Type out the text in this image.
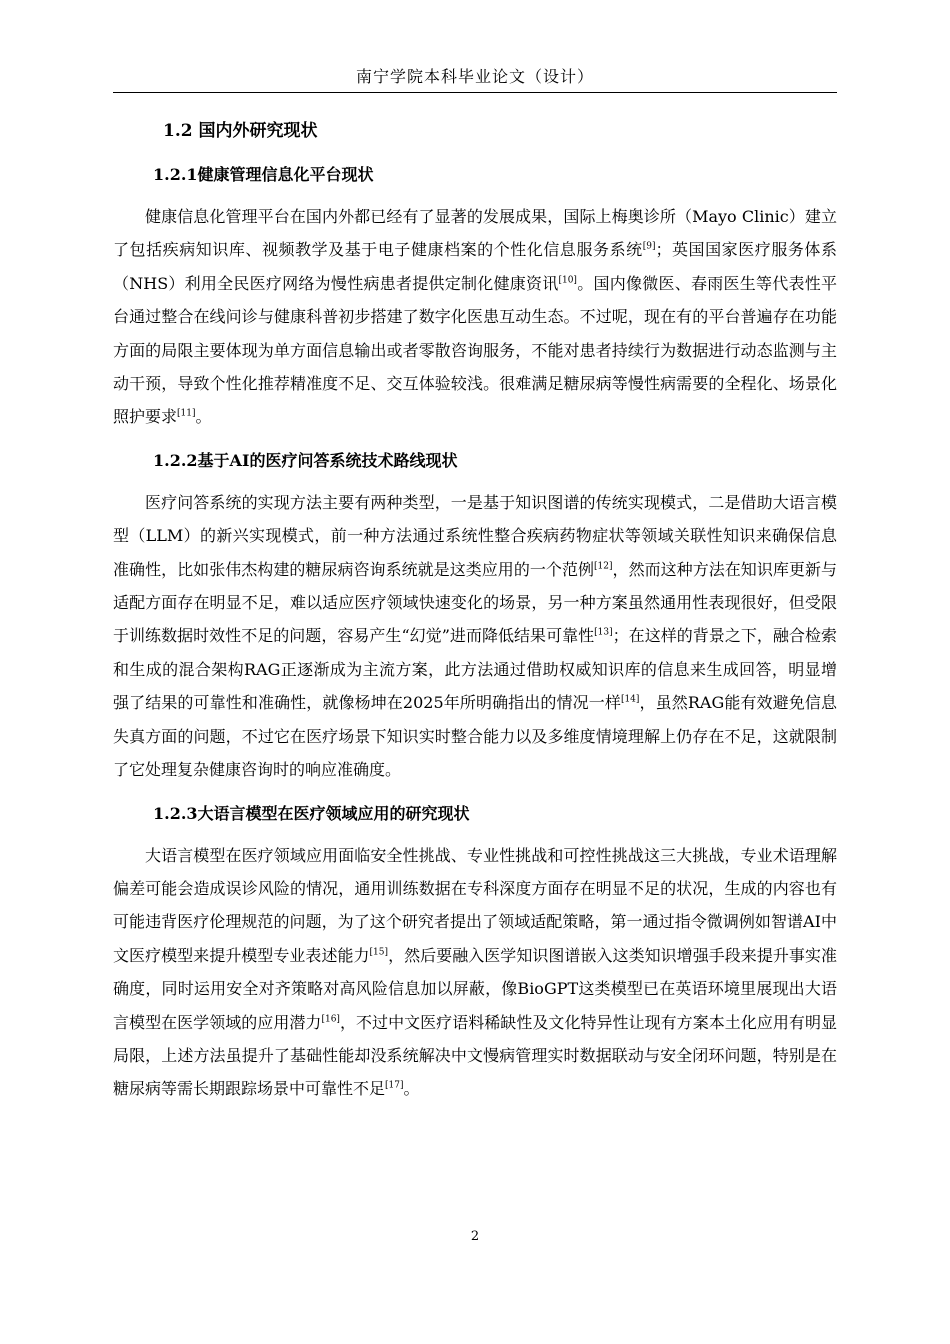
南宁学院本科毕业论文（设计）
1.2 国内外研究现状
1.2.1健康管理信息化平台现状

健康信息化管理平台在国内外都已经有了显著的发展成果，国际上梅奥诊所（Mayo Clinic）建立了包括疾病知识库、视频教学及基于电子健康档案的个性化信息服务系统[9]；英国国家医疗服务体系（NHS）利用全民医疗网络为慢性病患者提供定制化健康资讯[10]。国内像微医、春雨医生等代表性平台通过整合在线问诊与健康科普初步搭建了数字化医患互动生态。不过呢，现在有的平台普遍存在功能方面的局限主要体现为单方面信息输出或者零散咨询服务，不能对患者持续行为数据进行动态监测与主动干预，导致个性化推荐精准度不足、交互体验较浅。很难满足糖尿病等慢性病需要的全程化、场景化照护要求[11]。

1.2.2基于AI的医疗问答系统技术路线现状

医疗问答系统的实现方法主要有两种类型，一是基于知识图谱的传统实现模式，二是借助大语言模型（LLM）的新兴实现模式，前一种方法通过系统性整合疾病药物症状等领域关联性知识来确保信息准确性，比如张伟杰构建的糖尿病咨询系统就是这类应用的一个范例[12]，然而这种方法在知识库更新与适配方面存在明显不足，难以适应医疗领域快速变化的场景，另一种方案虽然通用性表现很好，但受限于训练数据时效性不足的问题，容易产生“幻觉”进而降低结果可靠性[13]；在这样的背景之下，融合检索和生成的混合架构RAG正逐渐成为主流方案，此方法通过借助权威知识库的信息来生成回答，明显增强了结果的可靠性和准确性，就像杨坤在2025年所明确指出的情况一样[14]，虽然RAG能有效避免信息失真方面的问题，不过它在医疗场景下知识实时整合能力以及多维度情境理解上仍存在不足，这就限制了它处理复杂健康咨询时的响应准确度。

1.2.3大语言模型在医疗领域应用的研究现状

大语言模型在医疗领域应用面临安全性挑战、专业性挑战和可控性挑战这三大挑战，专业术语理解偏差可能会造成误诊风险的情况，通用训练数据在专科深度方面存在明显不足的状况，生成的内容也有可能违背医疗伦理规范的问题，为了这个研究者提出了领域适配策略，第一通过指令微调例如智谱AI中文医疗模型来提升模型专业表述能力[15]，然后要融入医学知识图谱嵌入这类知识增强手段来提升事实准确度，同时运用安全对齐策略对高风险信息加以屏蔽，像BioGPT这类模型已在英语环境里展现出大语言模型在医学领域的应用潜力[16]，不过中文医疗语料稀缺性及文化特异性让现有方案本土化应用有明显局限，上述方法虽提升了基础性能却没系统解决中文慢病管理实时数据联动与安全闭环问题，特别是在糖尿病等需长期跟踪场景中可靠性不足[17]。

2
